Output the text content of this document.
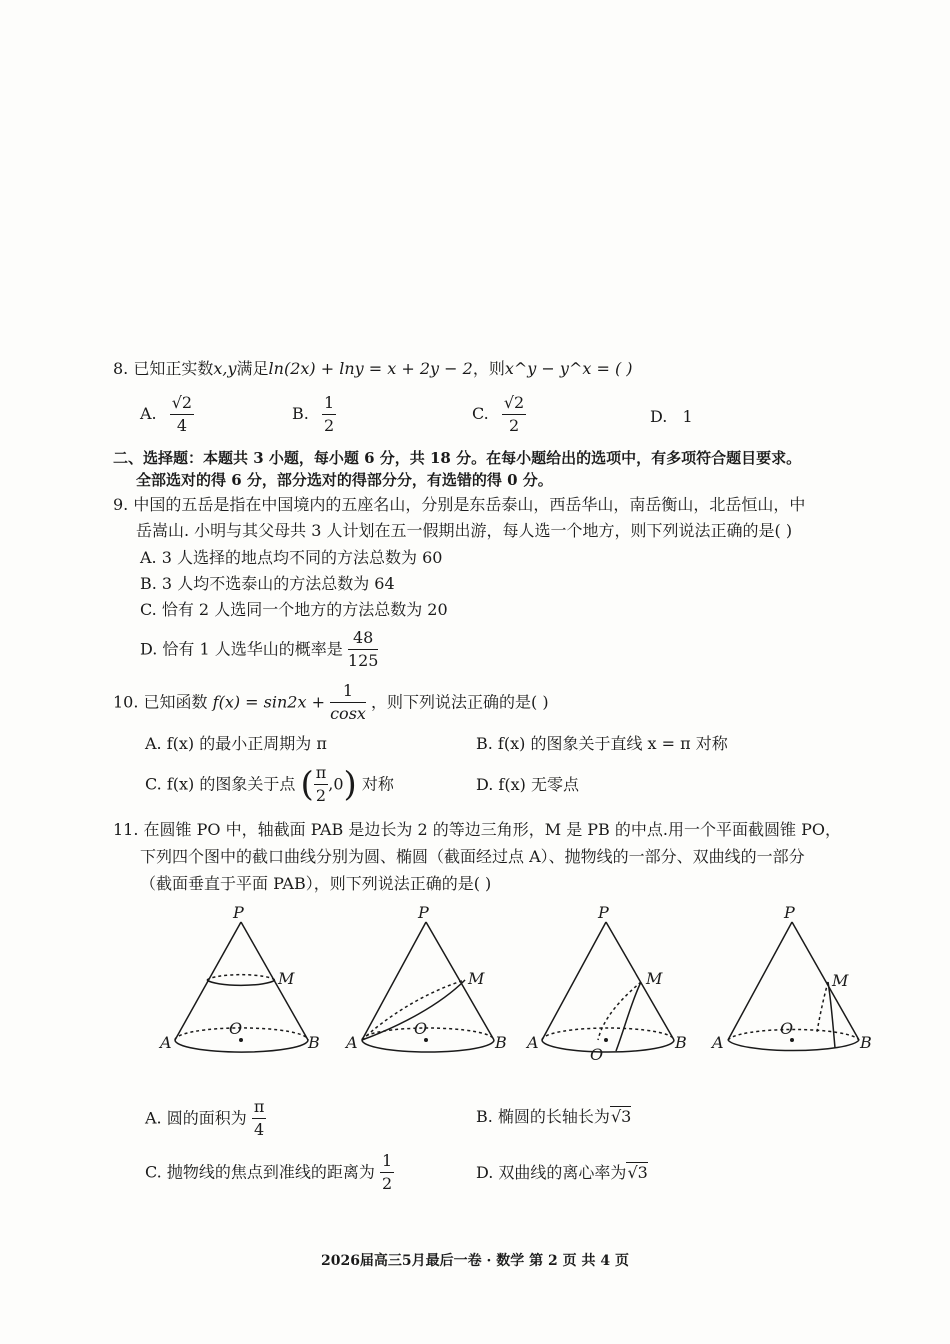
8. 已知正实数x,y满足ln(2x) + lny = x + 2y − 2，则x^y − y^x = ( )
A. $\frac{√2}{4}$	B. $\frac{1}{2}$	C. $\frac{√2}{2}$	D. 1
二、选择题：本题共 3 小题，每小题 6 分，共 18 分。在每小题给出的选项中，有多项符合题目要求。
全部选对的得 6 分，部分选对的得部分分，有选错的得 0 分。
9. 中国的五岳是指在中国境内的五座名山，分别是东岳泰山，西岳华山，南岳衡山，北岳恒山，中
岳嵩山. 小明与其父母共 3 人计划在五一假期出游，每人选一个地方，则下列说法正确的是( )
A. 3 人选择的地点均不同的方法总数为 60
B. 3 人均不选泰山的方法总数为 64
C. 恰有 2 人选同一个地方的方法总数为 20
D. 恰有 1 人选华山的概率是 $\frac{48}{125}$
10. 已知函数 $f(x) = \sin 2x + \frac{1}{\cos x}$ ，则下列说法正确的是( )
A. f(x) 的最小正周期为 π	B. f(x) 的图象关于直线 x = π 对称
C. f(x) 的图象关于点 ( $\frac{\pi}{2} ,0$) 对称	D. f(x) 无零点
11. 在圆锥 PO 中，轴截面 PAB 是边长为 2 的等边三角形，M 是 PB 的中点.用一个平面截圆锥 PO，
下列四个图中的截口曲线分别为圆、椭圆（截面经过点 A）、抛物线的一部分、双曲线的一部分
（截面垂直于平面 PAB），则下列说法正确的是( )
P
M
O
A	B
P
M
O
A	B
P
M
O
A	B
P
M
O
A	B
A. 圆的面积为 $\frac{\pi}{4}$	B. 椭圆的长轴长为√3
C. 抛物线的焦点到准线的距离为 $\frac{1}{2}$	D. 双曲线的离心率为√3
2026届高三5月最后一卷 · 数学 第 2 页 共 4 页
